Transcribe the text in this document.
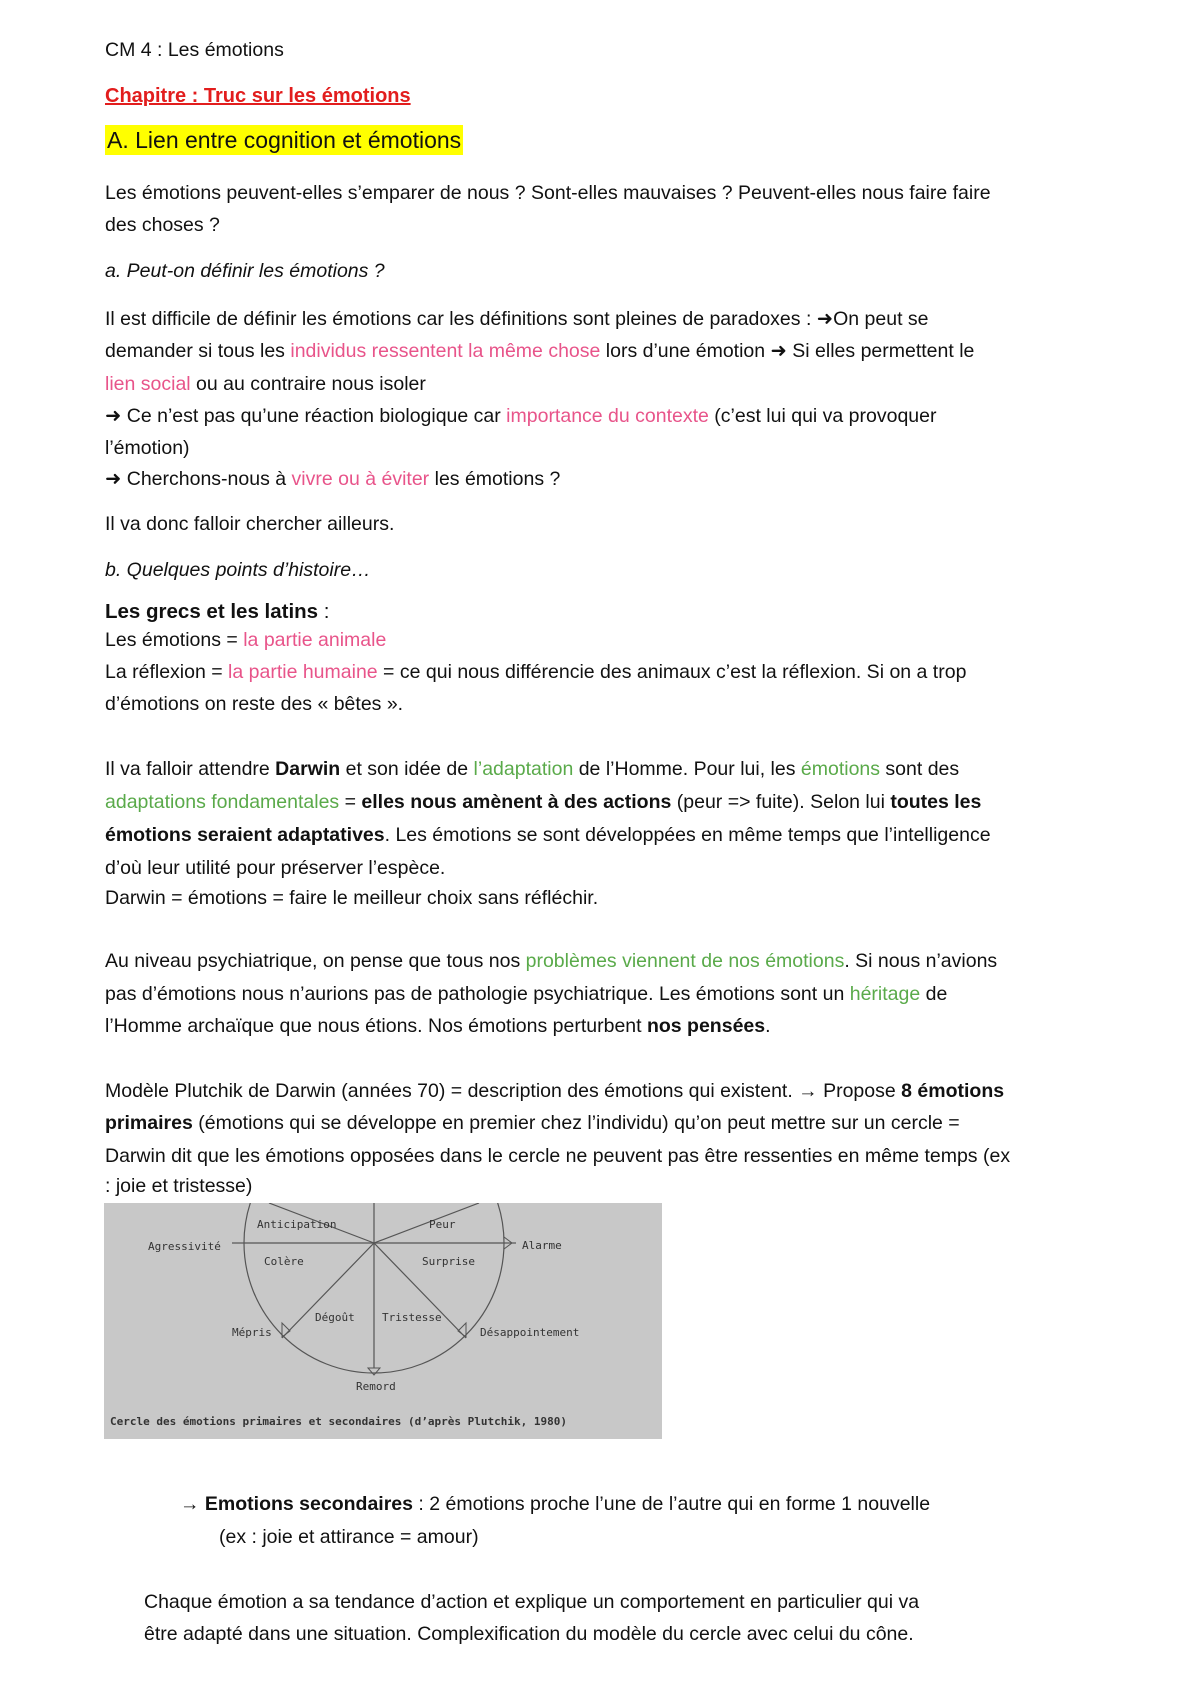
CM 4 : Les émotions
Chapitre : Truc sur les émotions
A. Lien entre cognition et émotions
Les émotions peuvent-elles s’emparer de nous ? Sont-elles mauvaises ? Peuvent-elles nous faire faire
des choses ?
a. Peut-on définir les émotions ?
Il est difficile de définir les émotions car les définitions sont pleines de paradoxes : ➜On peut se
demander si tous les individus ressentent la même chose lors d’une émotion ➜ Si elles permettent le
lien social ou au contraire nous isoler
➜ Ce n’est pas qu’une réaction biologique car importance du contexte (c’est lui qui va provoquer
l’émotion)
➜ Cherchons-nous à vivre ou à éviter les émotions ?
Il va donc falloir chercher ailleurs.
b. Quelques points d’histoire…
Les grecs et les latins :
Les émotions = la partie animale
La réflexion = la partie humaine = ce qui nous différencie des animaux c’est la réflexion. Si on a trop
d’émotions on reste des « bêtes ».
Il va falloir attendre Darwin et son idée de l’adaptation de l’Homme. Pour lui, les émotions sont des
adaptations fondamentales = elles nous amènent à des actions (peur => fuite). Selon lui toutes les
émotions seraient adaptatives. Les émotions se sont développées en même temps que l’intelligence
d’où leur utilité pour préserver l’espèce.
Darwin = émotions = faire le meilleur choix sans réfléchir.
Au niveau psychiatrique, on pense que tous nos problèmes viennent de nos émotions. Si nous n’avions
pas d’émotions nous n’aurions pas de pathologie psychiatrique. Les émotions sont un héritage de
l’Homme archaïque que nous étions. Nos émotions perturbent nos pensées.
Modèle Plutchik de Darwin (années 70) = description des émotions qui existent. → Propose 8 émotions
primaires (émotions qui se développe en premier chez l’individu) qu’on peut mettre sur un cercle =
Darwin dit que les émotions opposées dans le cercle ne peuvent pas être ressenties en même temps (ex
: joie et tristesse)
Anticipation	Peur
Agressivité	Alarme
Colère	Surprise
Dégoût Tristesse
Mépris	Désappointement
Remord
Cercle des émotions primaires et secondaires (d’après Plutchik, 1980)
→ Emotions secondaires : 2 émotions proche l’une de l’autre qui en forme 1 nouvelle
(ex : joie et attirance = amour)
Chaque émotion a sa tendance d’action et explique un comportement en particulier qui va
être adapté dans une situation. Complexification du modèle du cercle avec celui du cône.
